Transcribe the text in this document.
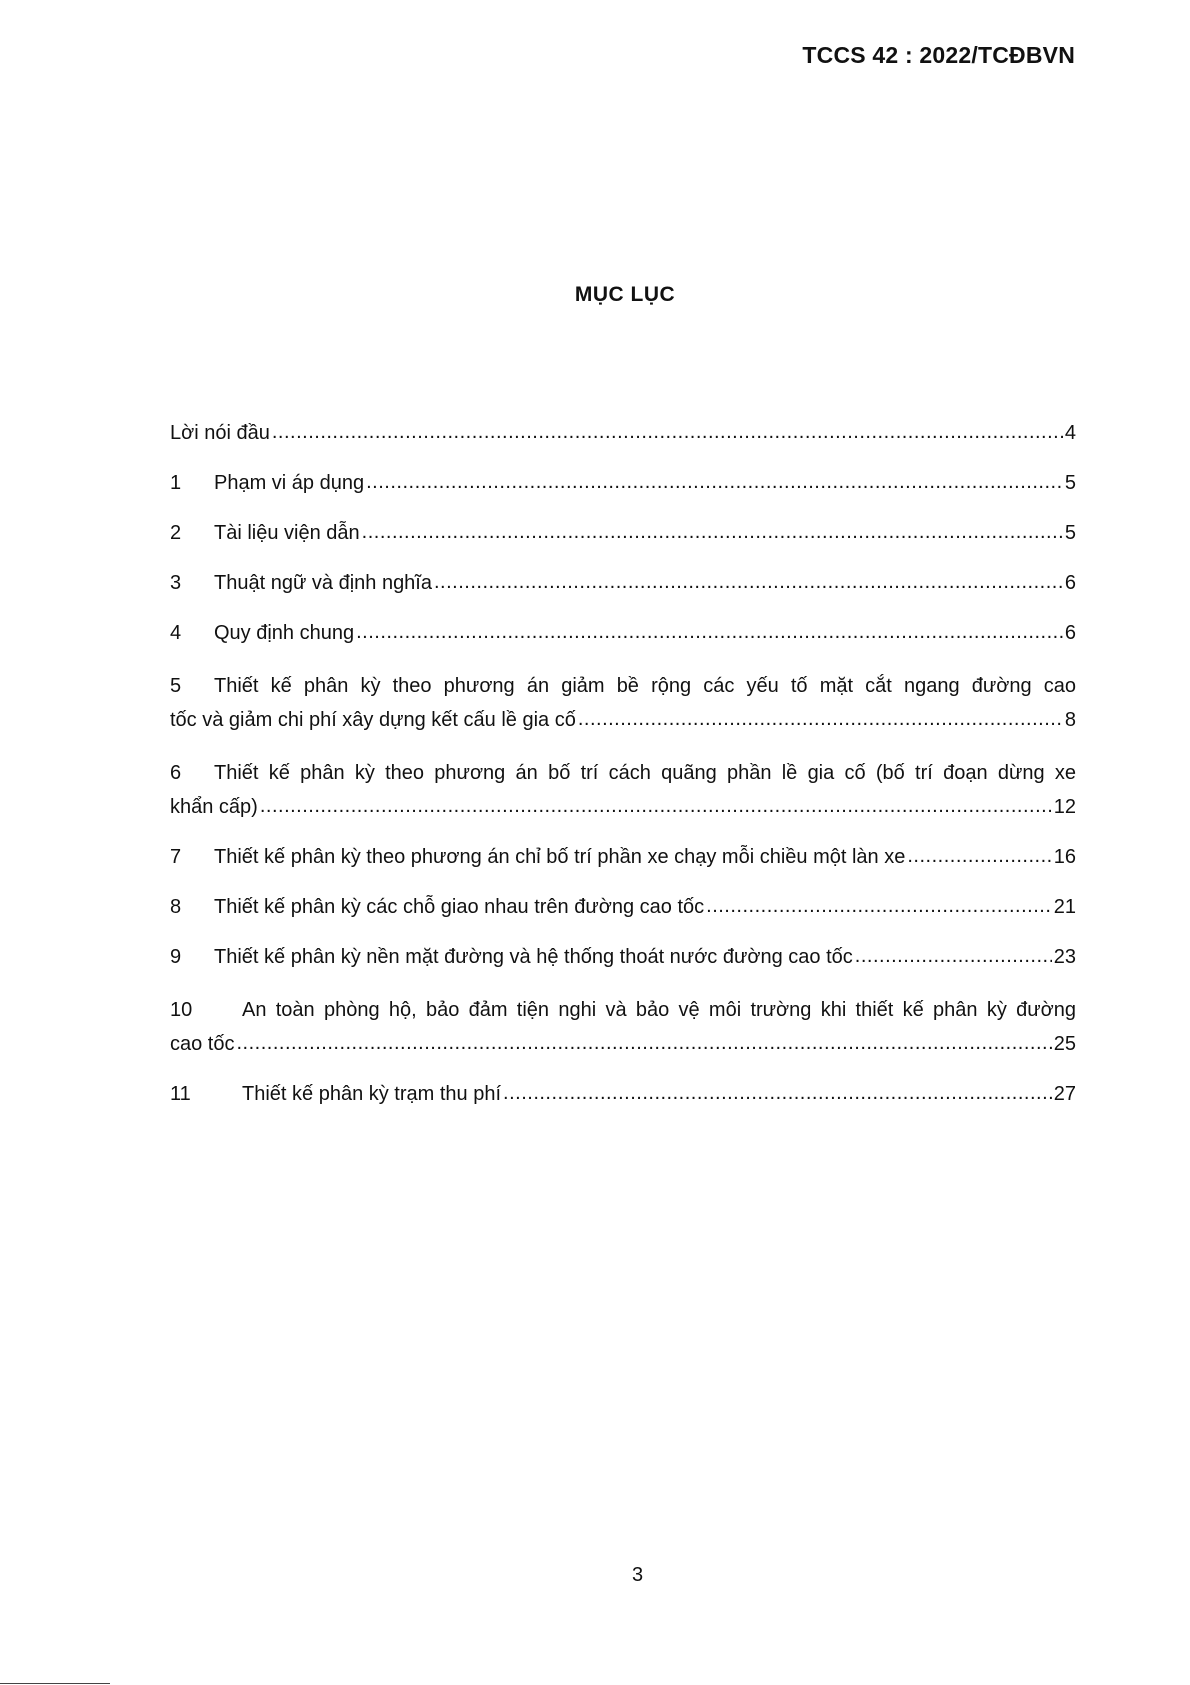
TCCS 42 : 2022/TCĐBVN
MỤC LỤC
Lời nói đầu .....	4
1	Phạm vi áp dụng .....	5
2	Tài liệu viện dẫn .....	5
3	Thuật ngữ và định nghĩa .....	6
4	Quy định chung .....	6
5 Thiết kế phân kỳ theo phương án giảm bề rộng các yếu tố mặt cắt ngang đường cao
tốc và giảm chi phí xây dựng kết cấu lề gia cố .....	8
6 Thiết kế phân kỳ theo phương án bố trí cách quãng phần lề gia cố (bố trí đoạn dừng xe
khẩn cấp) .....	12
7	Thiết kế phân kỳ theo phương án chỉ bố trí phần xe chạy mỗi chiều một làn xe .....	16
8	Thiết kế phân kỳ các chỗ giao nhau trên đường cao tốc .....	21
9	Thiết kế phân kỳ nền mặt đường và hệ thống thoát nước đường cao tốc .....	23
10 An toàn phòng hộ, bảo đảm tiện nghi và bảo vệ môi trường khi thiết kế phân kỳ đường
cao tốc .....	25
11	Thiết kế phân kỳ trạm thu phí .....	27
3
